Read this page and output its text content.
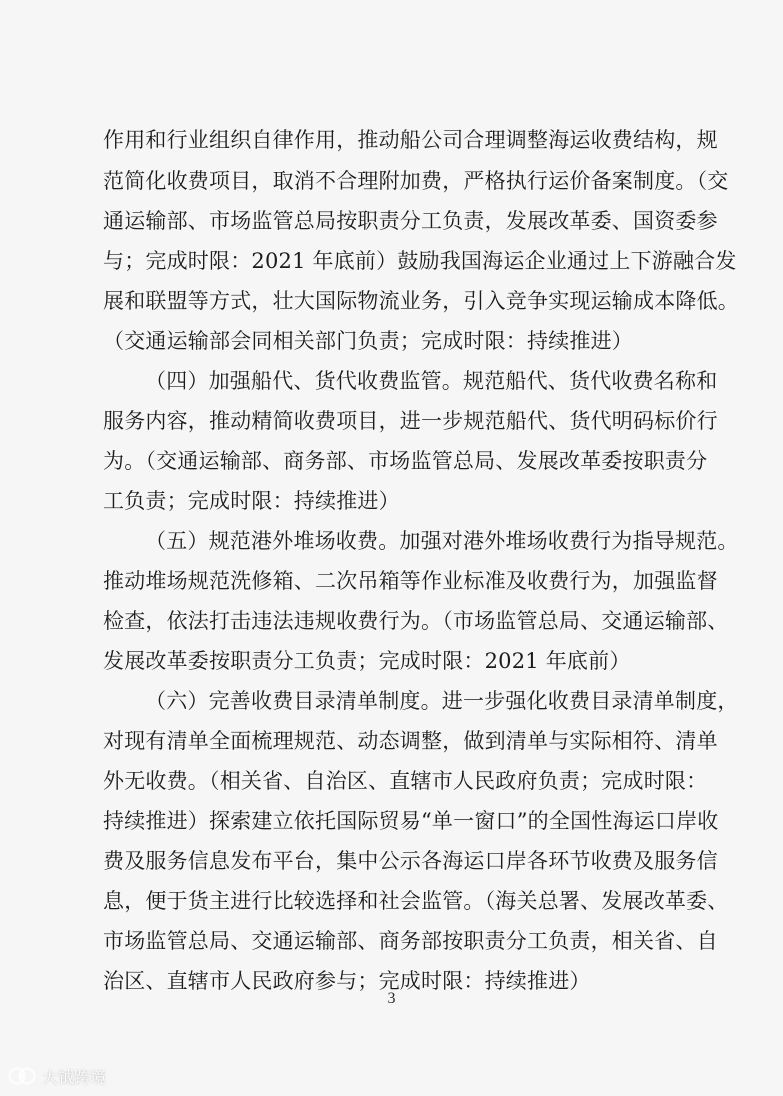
作用和行业组织自律作用，推动船公司合理调整海运收费结构，规
范简化收费项目，取消不合理附加费，严格执行运价备案制度。（交
通运输部、市场监管总局按职责分工负责，发展改革委、国资委参
与；完成时限：2021 年底前）鼓励我国海运企业通过上下游融合发
展和联盟等方式，壮大国际物流业务，引入竞争实现运输成本降低。
（交通运输部会同相关部门负责；完成时限：持续推进）
（四）加强船代、货代收费监管。规范船代、货代收费名称和
服务内容，推动精简收费项目，进一步规范船代、货代明码标价行
为。（交通运输部、商务部、市场监管总局、发展改革委按职责分
工负责；完成时限：持续推进）
（五）规范港外堆场收费。加强对港外堆场收费行为指导规范。
推动堆场规范洗修箱、二次吊箱等作业标准及收费行为，加强监督
检查，依法打击违法违规收费行为。（市场监管总局、交通运输部、
发展改革委按职责分工负责；完成时限：2021 年底前）
（六）完善收费目录清单制度。进一步强化收费目录清单制度，
对现有清单全面梳理规范、动态调整，做到清单与实际相符、清单
外无收费。（相关省、自治区、直辖市人民政府负责；完成时限：
持续推进）探索建立依托国际贸易“单一窗口”的全国性海运口岸收
费及服务信息发布平台，集中公示各海运口岸各环节收费及服务信
息，便于货主进行比较选择和社会监管。（海关总署、发展改革委、
市场监管总局、交通运输部、商务部按职责分工负责，相关省、自
治区、直辖市人民政府参与；完成时限：持续推进）
3
大钺跨境
